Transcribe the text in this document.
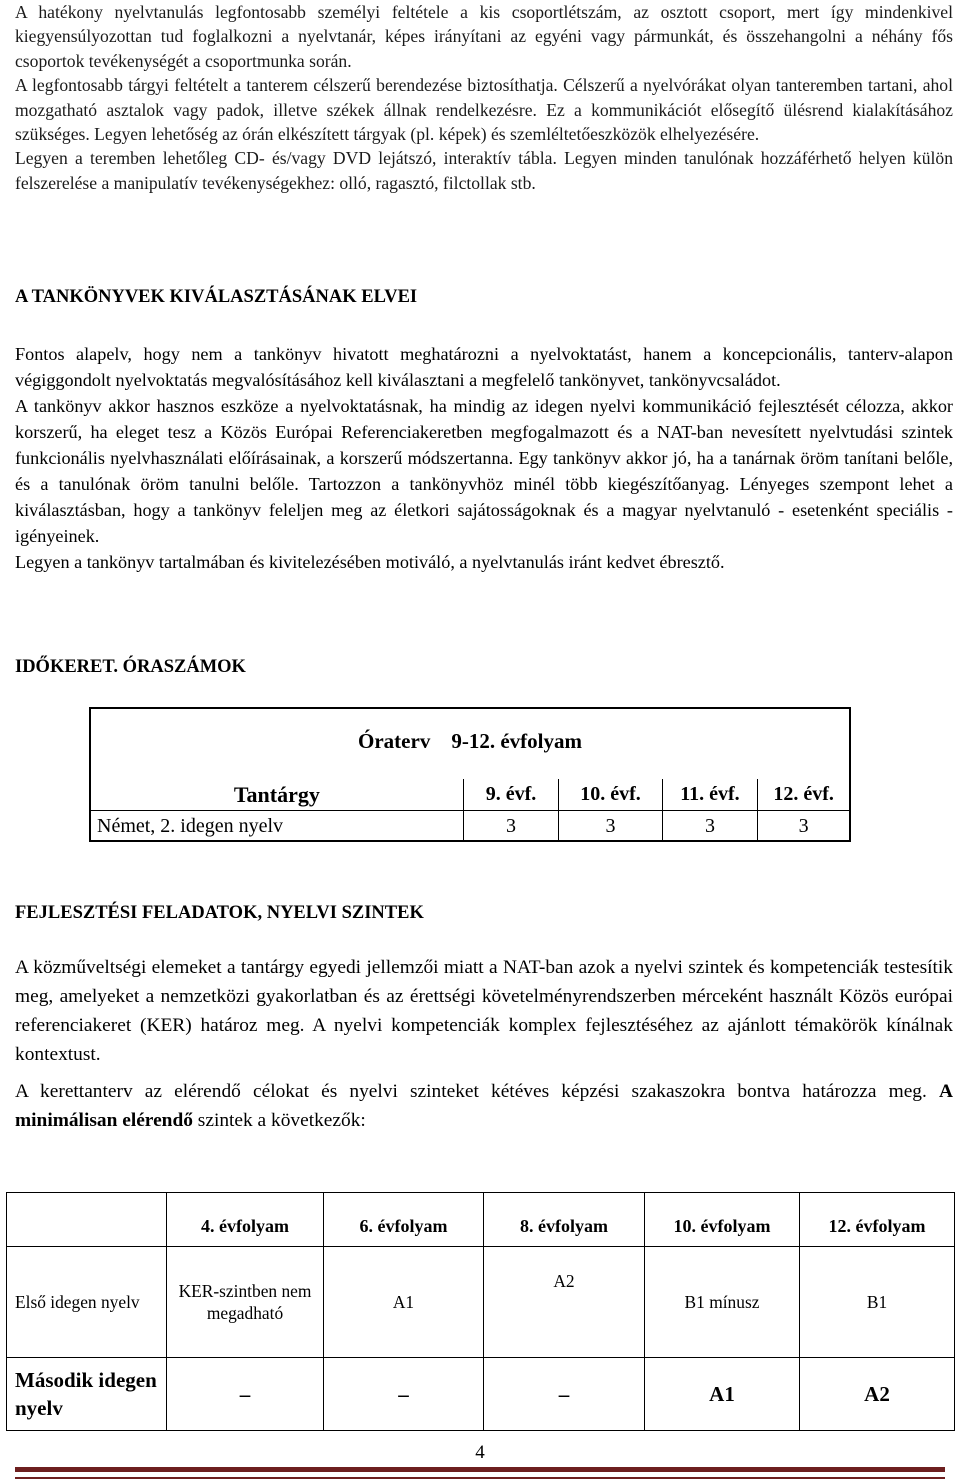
A hatékony nyelvtanulás legfontosabb személyi feltétele a kis csoportlétszám, az osztott csoport, mert így mindenkivel kiegyensúlyozottan tud foglalkozni a nyelvtanár, képes irányítani az egyéni vagy pármunkát, és összehangolni a néhány fős csoportok tevékenységét a csoportmunka során.

A legfontosabb tárgyi feltételt a tanterem célszerű berendezése biztosíthatja. Célszerű a nyelvórákat olyan tanteremben tartani, ahol mozgatható asztalok vagy padok, illetve székek állnak rendelkezésre. Ez a kommunikációt elősegítő ülésrend kialakításához szükséges. Legyen lehetőség az órán elkészített tárgyak (pl. képek) és szemléltetőeszközök elhelyezésére.

Legyen a teremben lehetőleg CD- és/vagy DVD lejátszó, interaktív tábla. Legyen minden tanulónak hozzáférhető helyen külön felszerelése a manipulatív tevékenységekhez: olló, ragasztó, filctollak stb.

A TANKÖNYVEK KIVÁLASZTÁSÁNAK ELVEI

Fontos alapelv, hogy nem a tankönyv hivatott meghatározni a nyelvoktatást, hanem a koncepcionális, tanterv-alapon végiggondolt nyelvoktatás megvalósításához kell kiválasztani a megfelelő tankönyvet, tankönyvcsaládot.

A tankönyv akkor hasznos eszköze a nyelvoktatásnak, ha mindig az idegen nyelvi kommunikáció fejlesztését célozza, akkor korszerű, ha eleget tesz a Közös Európai Referenciakeretben megfogalmazott és a NAT-ban nevesített nyelvtudási szintek funkcionális nyelvhasználati előírásainak, a korszerű módszertanna. Egy tankönyv akkor jó, ha a tanárnak öröm tanítani belőle, és a tanulónak öröm tanulni belőle. Tartozzon a tankönyvhöz minél több kiegészítőanyag. Lényeges szempont lehet a kiválasztásban, hogy a tankönyv feleljen meg az életkori sajátosságoknak és a magyar nyelvtanuló - esetenként speciális - igényeinek.

Legyen a tankönyv tartalmában és kivitelezésében motiváló, a nyelvtanulás iránt kedvet ébresztő.

IDŐKERET. ÓRASZÁMOK
Óraterv    9-12. évfolyam
Tantárgy	9. évf.	10. évf.	11. évf.	12. évf.
Német, 2. idegen nyelv	3	3	3	3
FEJLESZTÉSI FELADATOK, NYELVI SZINTEK

A közműveltségi elemeket a tantárgy egyedi jellemzői miatt a NAT-ban azok a nyelvi szintek és kompetenciák testesítik meg, amelyeket a nemzetközi gyakorlatban és az érettségi követelményrendszerben mérceként használt Közös európai referenciakeret (KER) határoz meg. A nyelvi kompetenciák komplex fejlesztéséhez az ajánlott témakörök kínálnak kontextust.

A kerettanterv az elérendő célokat és nyelvi szinteket kétéves képzési szakaszokra bontva határozza meg. A minimálisan elérendő szintek a következők:

	4. évfolyam	6. évfolyam	8. évfolyam	10. évfolyam	12. évfolyam
Első idegen nyelv	KER-szintben nem megadható	A1	A2	B1 mínusz	B1
Második idegen nyelv	–	–	–	A1	A2
4
